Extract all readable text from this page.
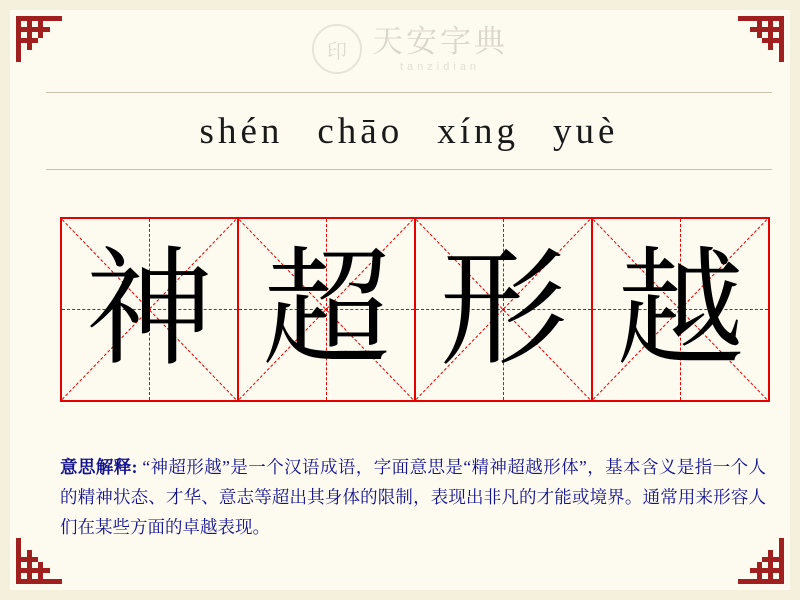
印 天安字典
tanzidian
shén chāo xíng yuè
神 超 形 越
意思解释: “神超形越”是一个汉语成语，字面意思是“精神超越形体”，基本含义是指一个人的精神状态、才华、意志等超出其身体的限制，表现出非凡的才能或境界。通常用来形容人们在某些方面的卓越表现。
